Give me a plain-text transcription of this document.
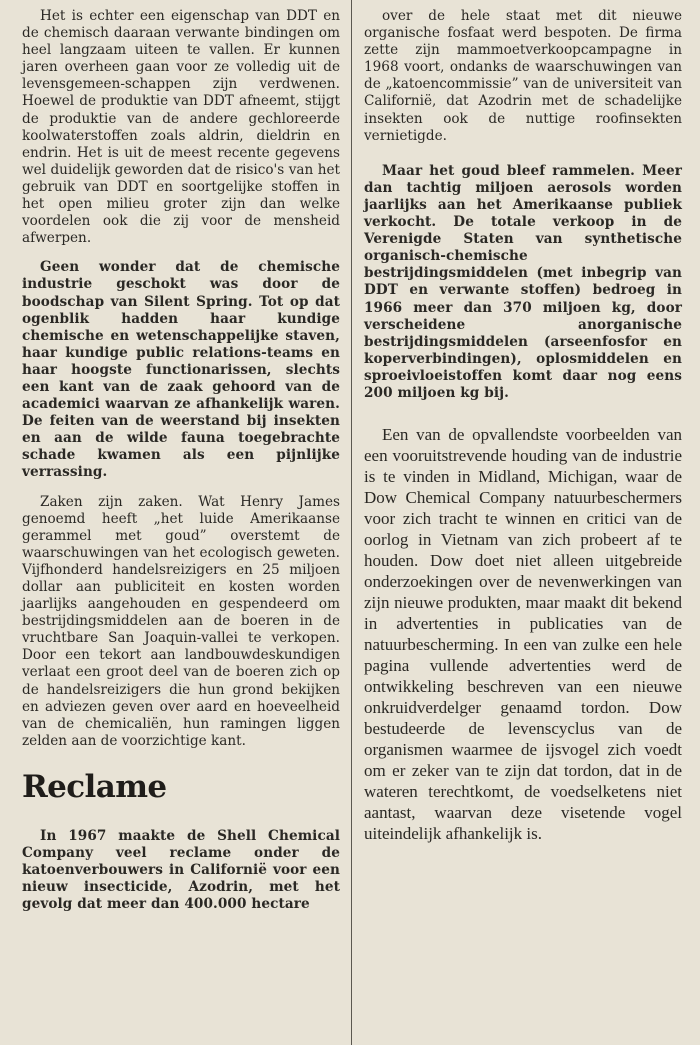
Het is echter een eigenschap van DDT en de chemisch daaraan verwante bindingen om heel langzaam uiteen te vallen. Er kunnen jaren overheen gaan voor ze volledig uit de levensgemeen-schappen zijn verdwenen. Hoewel de produktie van DDT afneemt, stijgt de produktie van de andere gechloreerde koolwaterstoffen zoals aldrin, dieldrin en endrin. Het is uit de meest recente gegevens wel duidelijk geworden dat de risico's van het gebruik van DDT en soortgelijke stoffen in het open milieu groter zijn dan welke voordelen ook die zij voor de mensheid afwerpen.

Geen wonder dat de chemische industrie geschokt was door de boodschap van Silent Spring. Tot op dat ogenblik hadden haar kundige chemische en wetenschappelijke staven, haar kundige public relations-teams en haar hoogste functionarissen, slechts een kant van de zaak gehoord van de academici waarvan ze afhankelijk waren. De feiten van de weerstand bij insekten en aan de wilde fauna toegebrachte schade kwamen als een pijnlijke verrassing.

Zaken zijn zaken. Wat Henry James genoemd heeft „het luide Amerikaanse gerammel met goud” overstemt de waarschuwingen van het ecologisch geweten. Vijfhonderd handelsreizigers en 25 miljoen dollar aan publiciteit en kosten worden jaarlijks aangehouden en gespendeerd om bestrijdingsmiddelen aan de boeren in de vruchtbare San Joaquin-vallei te verkopen. Door een tekort aan landbouwdeskundigen verlaat een groot deel van de boeren zich op de handelsreizigers die hun grond bekijken en adviezen geven over aard en hoeveelheid van de chemicaliën, hun ramingen liggen zelden aan de voorzichtige kant.

Reclame

In 1967 maakte de Shell Chemical Company veel reclame onder de katoenverbouwers in Californië voor een nieuw insecticide, Azodrin, met het gevolg dat meer dan 400.000 hectare

over de hele staat met dit nieuwe organische fosfaat werd bespoten. De firma zette zijn mammoetverkoopcampagne in 1968 voort, ondanks de waarschuwingen van de „katoencommissie” van de universiteit van Californië, dat Azodrin met de schadelijke insekten ook de nuttige roofinsekten vernietigde.

Maar het goud bleef rammelen. Meer dan tachtig miljoen aerosols worden jaarlijks aan het Amerikaanse publiek verkocht. De totale verkoop in de Verenigde Staten van synthetische organisch-chemische bestrijdingsmiddelen (met inbegrip van DDT en verwante stoffen) bedroeg in 1966 meer dan 370 miljoen kg, door verscheidene anorganische bestrijdingsmiddelen (arseenfosfor en koperverbindingen), oplosmiddelen en sproeivloeistoffen komt daar nog eens 200 miljoen kg bij.

Een van de opvallendste voorbeelden van een vooruitstrevende houding van de industrie is te vinden in Midland, Michigan, waar de Dow Chemical Company natuurbeschermers voor zich tracht te winnen en critici van de oorlog in Vietnam van zich probeert af te houden. Dow doet niet alleen uitgebreide onderzoekingen over de nevenwerkingen van zijn nieuwe produkten, maar maakt dit bekend in advertenties in publicaties van de natuurbescherming. In een van zulke een hele pagina vullende advertenties werd de ontwikkeling beschreven van een nieuwe onkruidverdelger genaamd tordon. Dow bestudeerde de levenscyclus van de organismen waarmee de ijsvogel zich voedt om er zeker van te zijn dat tordon, dat in de wateren terechtkomt, de voedselketens niet aantast, waarvan deze visetende vogel uiteindelijk afhankelijk is.
